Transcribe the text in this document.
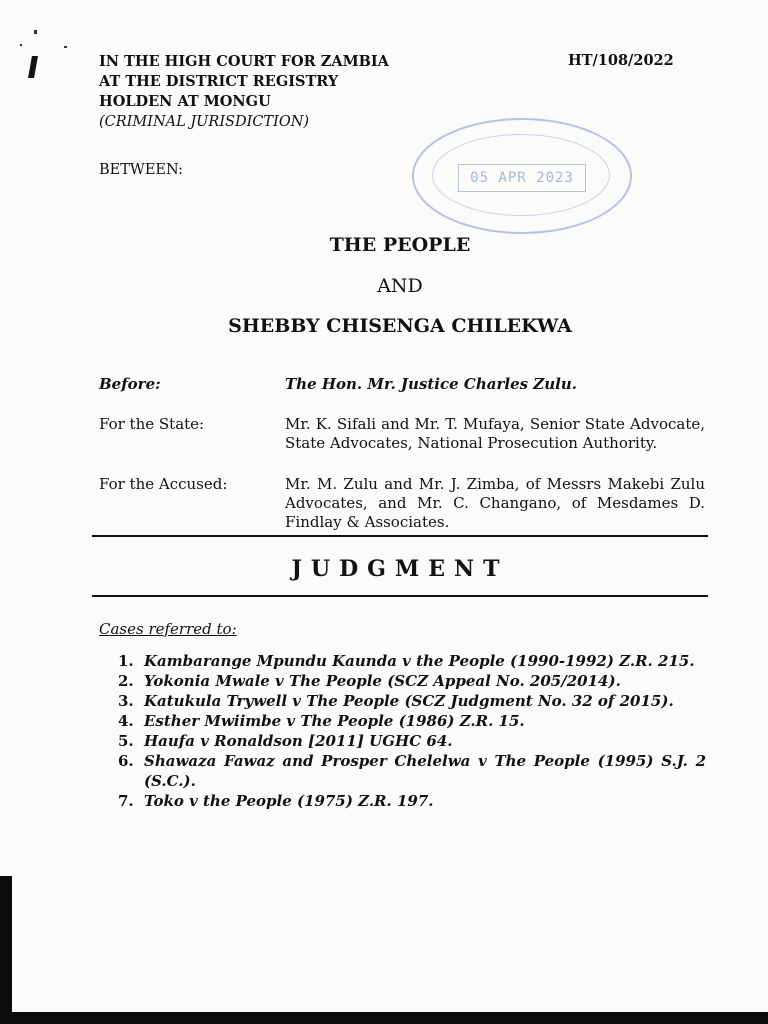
IN THE HIGH COURT FOR ZAMBIA
AT THE DISTRICT REGISTRY
HOLDEN AT MONGU
(CRIMINAL JURISDICTION)
HT/108/2022
BETWEEN:	05 APR 2023
THE PEOPLE
AND
SHEBBY CHISENGA CHILEKWA
Before:	The Hon. Mr. Justice Charles Zulu.
For the State:	Mr. K. Sifali and Mr. T. Mufaya, Senior State Advocate, State Advocates, National Prosecution Authority.
For the Accused:	Mr. M. Zulu and Mr. J. Zimba, of Messrs Makebi Zulu Advocates, and Mr. C. Changano, of Mesdames D. Findlay & Associates.
JUDGMENT
Cases referred to:
1. Kambarange Mpundu Kaunda v the People (1990-1992) Z.R. 215.
2. Yokonia Mwale v The People (SCZ Appeal No. 205/2014).
3. Katukula Trywell v The People (SCZ Judgment No. 32 of 2015).
4. Esther Mwiimbe v The People (1986) Z.R. 15.
5. Haufa v Ronaldson [2011] UGHC 64.
6. Shawaza Fawaz and Prosper Chelelwa v The People (1995) S.J. 2 (S.C.).
7. Toko v the People (1975) Z.R. 197.
